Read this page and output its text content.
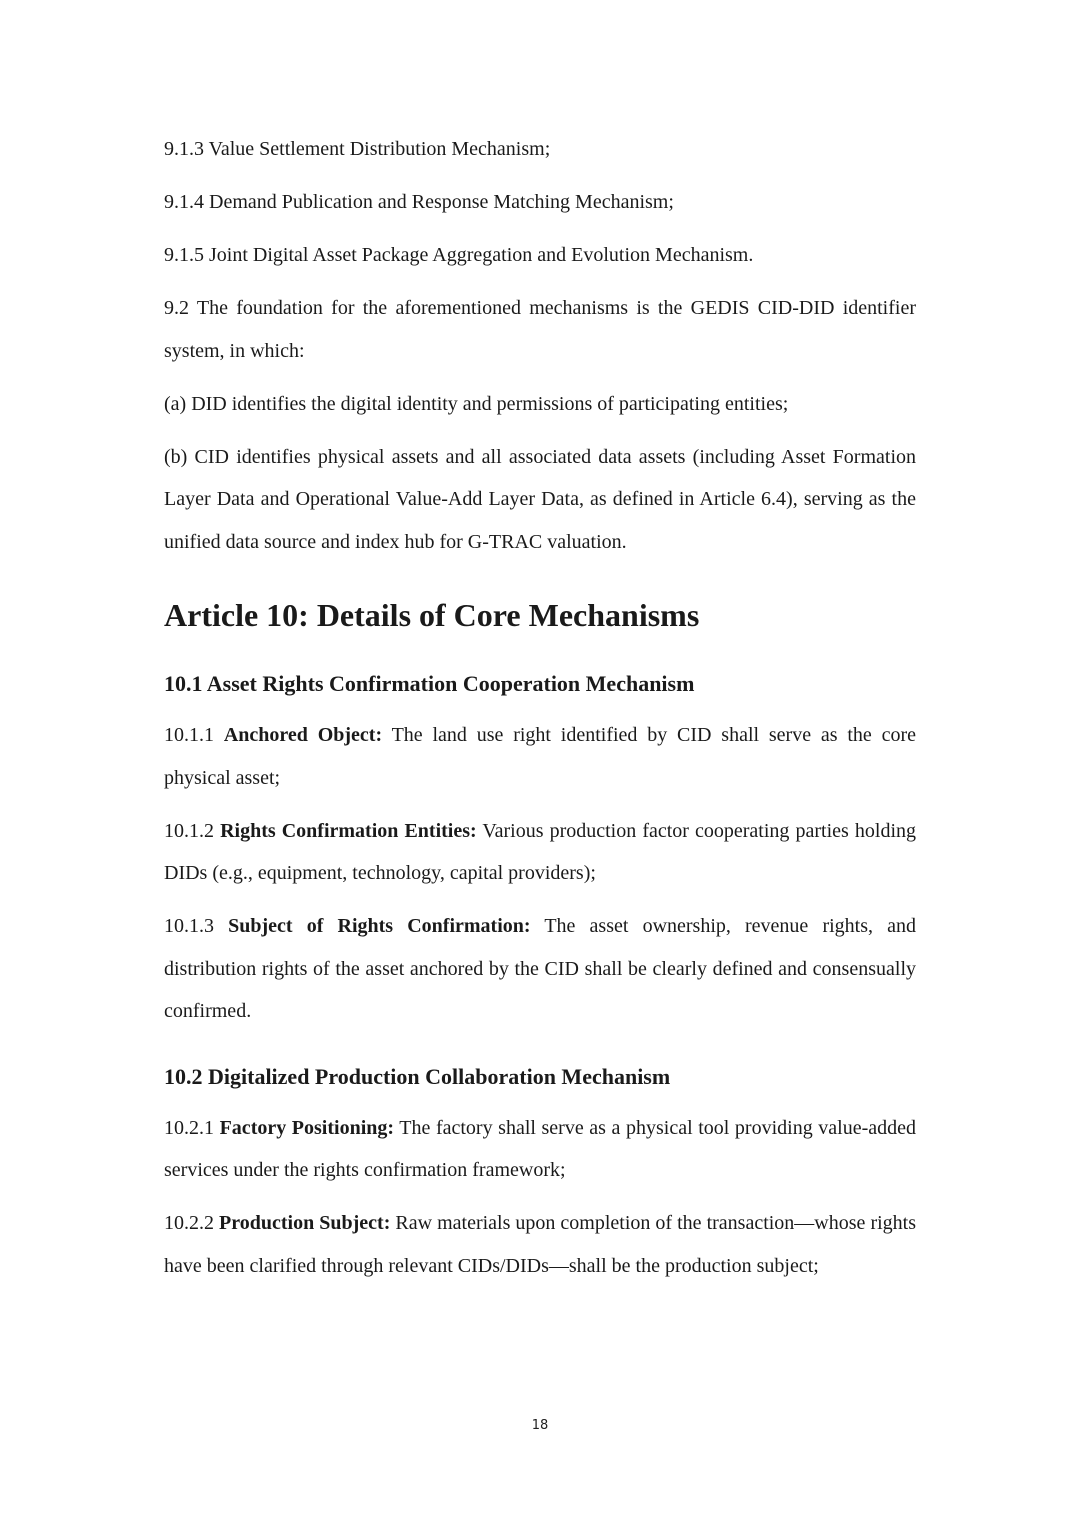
9.1.3 Value Settlement Distribution Mechanism;

9.1.4 Demand Publication and Response Matching Mechanism;

9.1.5 Joint Digital Asset Package Aggregation and Evolution Mechanism.

9.2 The foundation for the aforementioned mechanisms is the GEDIS CID-DID identifier system, in which:

(a) DID identifies the digital identity and permissions of participating entities;

(b) CID identifies physical assets and all associated data assets (including Asset Formation Layer Data and Operational Value-Add Layer Data, as defined in Article 6.4), serving as the unified data source and index hub for G-TRAC valuation.

Article 10: Details of Core Mechanisms
10.1 Asset Rights Confirmation Cooperation Mechanism

10.1.1 Anchored Object: The land use right identified by CID shall serve as the core physical asset;

10.1.2 Rights Confirmation Entities: Various production factor cooperating parties holding DIDs (e.g., equipment, technology, capital providers);

10.1.3 Subject of Rights Confirmation: The asset ownership, revenue rights, and distribution rights of the asset anchored by the CID shall be clearly defined and consensually confirmed.

10.2 Digitalized Production Collaboration Mechanism

10.2.1 Factory Positioning: The factory shall serve as a physical tool providing value-added services under the rights confirmation framework;

10.2.2 Production Subject: Raw materials upon completion of the transaction—whose rights have been clarified through relevant CIDs/DIDs—shall be the production subject;

18
